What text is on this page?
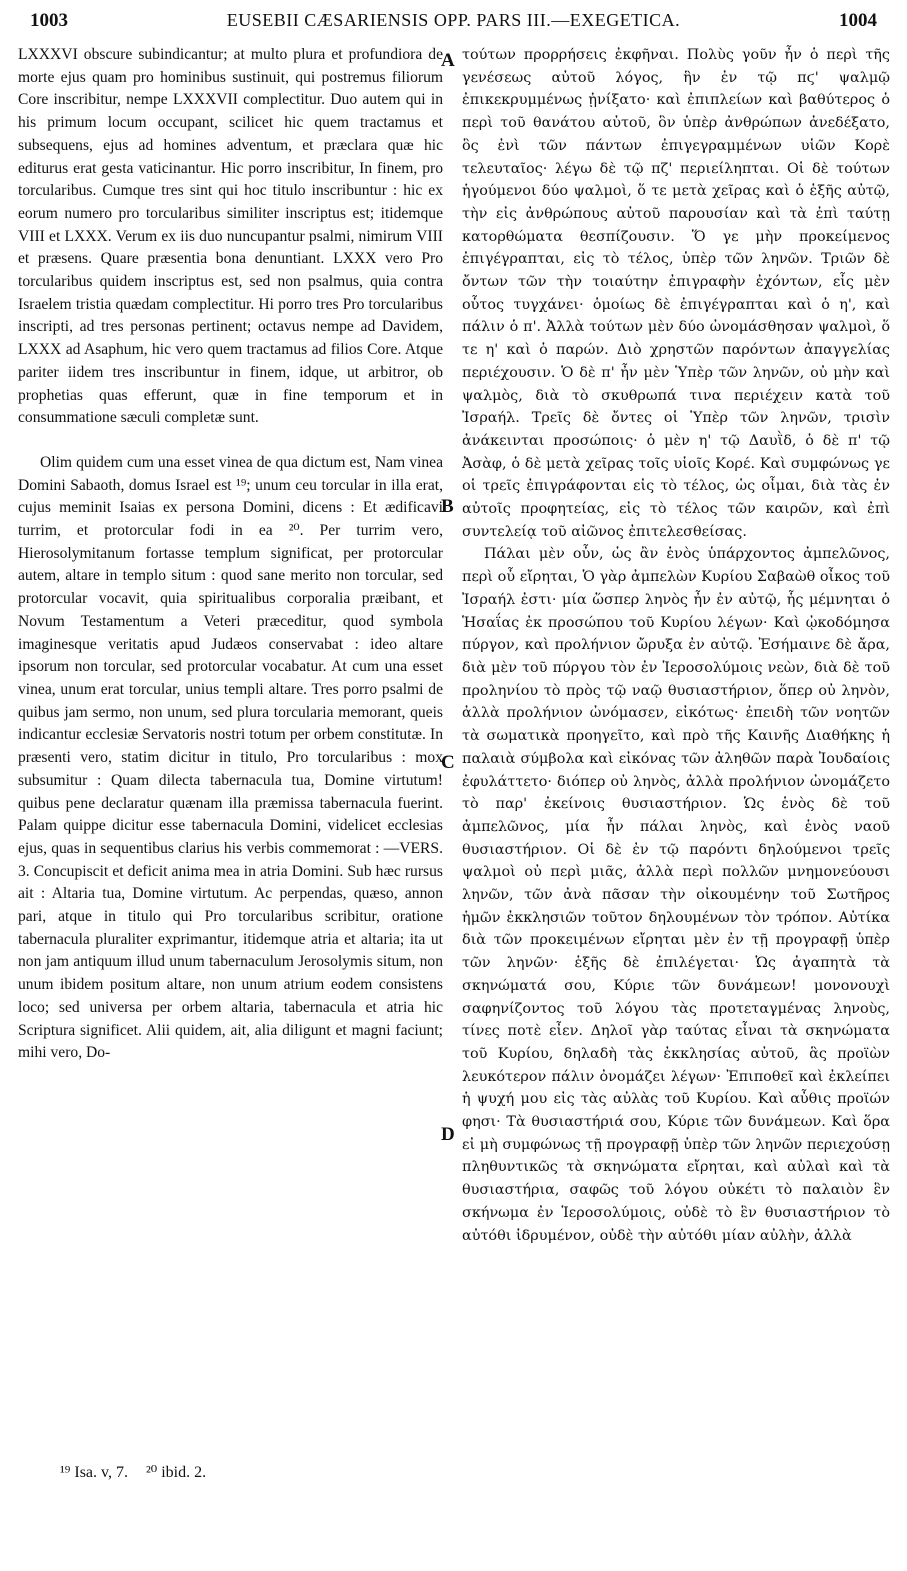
1003	EUSEBII CÆSARIENSIS OPP. PARS III.—EXEGETICA.	1004

LXXXVI obscure subindicantur; at multo plura et profundiora de morte ejus quam pro hominibus sustinuit, qui postremus filiorum Core inscribitur, nempe LXXXVII complectitur. Duo autem qui in his primum locum occupant, scilicet hic quem tractamus et subsequens, ejus ad homines adventum, et præclara quæ hic editurus erat gesta vaticinantur. Hic porro inscribitur, In finem, pro torcularibus. Cumque tres sint qui hoc titulo inscribuntur : hic ex eorum numero pro torcularibus similiter inscriptus est; itidemque VIII et LXXX. Verum ex iis duo nuncupantur psalmi, nimirum VIII et præsens. Quare præsentia bona denuntiant. LXXX vero Pro torcularibus quidem inscriptus est, sed non psalmus, quia contra Israelem tristia quædam complectitur. Hi porro tres Pro torcularibus inscripti, ad tres personas pertinent; octavus nempe ad Davidem, LXXX ad Asaphum, hic vero quem tractamus ad filios Core. Atque pariter iidem tres inscribuntur in finem, idque, ut arbitror, ob prophetias quas efferunt, quæ in fine temporum et in consummatione sæculi completæ sunt.

Olim quidem cum una esset vinea de qua dictum est, Nam vinea Domini Sabaoth, domus Israel est ¹⁹; unum ceu torcular in illa erat, cujus meminit Isaias ex persona Domini, dicens : Et ædificavi turrim, et protorcular fodi in ea ²⁰. Per turrim vero, Hierosolymitanum fortasse templum significat, per protorcular autem, altare in templo situm : quod sane merito non torcular, sed protorcular vocavit, quia spiritualibus corporalia præibant, et Novum Testamentum a Veteri præceditur, quod symbola imaginesque veritatis apud Judæos conservabat : ideo altare ipsorum non torcular, sed protorcular vocabatur. At cum una esset vinea, unum erat torcular, unius templi altare. Tres porro psalmi de quibus jam sermo, non unum, sed plura torcularia memorant, queis indicantur ecclesiæ Servatoris nostri totum per orbem constitutæ. In præsenti vero, statim dicitur in titulo, Pro torcularibus : mox subsumitur : Quam dilecta tabernacula tua, Domine virtutum! quibus pene declaratur quænam illa præmissa tabernacula fuerint. Palam quippe dicitur esse tabernacula Domini, videlicet ecclesias ejus, quas in sequentibus clarius his verbis commemorat : —VERS. 3. Concupiscit et deficit anima mea in atria Domini. Sub hæc rursus ait : Altaria tua, Domine virtutum. Ac perpendas, quæso, annon pari, atque in titulo qui Pro torcularibus scribitur, oratione tabernacula pluraliter exprimantur, itidemque atria et altaria; ita ut non jam antiquum illud unum tabernaculum Jerosolymis situm, non unum ibidem positum altare, non unum atrium eodem consistens loco; sed universa per orbem altaria, tabernacula et atria hic Scriptura significet. Alii quidem, ait, alia diligunt et magni faciunt; mihi vero, Do-

τούτων προρρήσεις ἐκφῆναι. Πολὺς γοῦν ἦν ὁ περὶ τῆς γενέσεως αὐτοῦ λόγος, ἣν ἐν τῷ πϛ' ψαλμῷ ἐπικεκρυμμένως ᾐνίξατο· καὶ ἐπιπλείων καὶ βαθύτερος ὁ περὶ τοῦ θανάτου αὐτοῦ, ὃν ὑπὲρ ἀνθρώπων ἀνεδέξατο, ὃς ἐνὶ τῶν πάντων ἐπιγεγραμμένων υἱῶν Κορὲ τελευταῖος· λέγω δὲ τῷ πζ' περιείληπται. Οἱ δὲ τούτων ἡγούμενοι δύο ψαλμοὶ, ὅ τε μετὰ χεῖρας καὶ ὁ ἑξῆς αὐτῷ, τὴν εἰς ἀνθρώπους αὐτοῦ παρουσίαν καὶ τὰ ἐπὶ ταύτῃ κατορθώματα θεσπίζουσιν. Ὅ γε μὴν προκείμενος ἐπιγέγραπται, εἰς τὸ τέλος, ὑπὲρ τῶν ληνῶν. Τριῶν δὲ ὄντων τῶν τὴν τοιαύτην ἐπιγραφὴν ἐχόντων, εἷς μὲν οὗτος τυγχάνει· ὁμοίως δὲ ἐπιγέγραπται καὶ ὁ η', καὶ πάλιν ὁ π'. Ἀλλὰ τούτων μὲν δύο ὠνομάσθησαν ψαλμοὶ, ὅ τε η' καὶ ὁ παρών. Διὸ χρηστῶν παρόντων ἀπαγγελίας περιέχουσιν. Ὁ δὲ π' ἦν μὲν Ὑπὲρ τῶν ληνῶν, οὐ μὴν καὶ ψαλμὸς, διὰ τὸ σκυθρωπά τινα περιέχειν κατὰ τοῦ Ἰσραήλ. Τρεῖς δὲ ὄντες οἱ Ὑπὲρ τῶν ληνῶν, τρισὶν ἀνάκεινται προσώποις· ὁ μὲν η' τῷ Δαυῒδ, ὁ δὲ π' τῷ Ἀσὰφ, ὁ δὲ μετὰ χεῖρας τοῖς υἱοῖς Κορέ. Καὶ συμφώνως γε οἱ τρεῖς ἐπιγράφονται εἰς τὸ τέλος, ὡς οἶμαι, διὰ τὰς ἐν αὐτοῖς προφητείας, εἰς τὸ τέλος τῶν καιρῶν, καὶ ἐπὶ συντελείᾳ τοῦ αἰῶνος ἐπιτελεσθείσας.

Πάλαι μὲν οὖν, ὡς ἂν ἑνὸς ὑπάρχοντος ἀμπελῶνος, περὶ οὗ εἴρηται, Ὁ γὰρ ἀμπελὼν Κυρίου Σαβαὼθ οἶκος τοῦ Ἰσραήλ ἐστι· μία ὥσπερ ληνὸς ἦν ἐν αὐτῷ, ἧς μέμνηται ὁ Ἡσαΐας ἐκ προσώπου τοῦ Κυρίου λέγων· Καὶ ᾠκοδόμησα πύργον, καὶ προλήνιον ὤρυξα ἐν αὐτῷ. Ἐσήμαινε δὲ ἄρα, διὰ μὲν τοῦ πύργου τὸν ἐν Ἱεροσολύμοις νεὼν, διὰ δὲ τοῦ προληνίου τὸ πρὸς τῷ ναῷ θυσιαστήριον, ὅπερ οὐ ληνὸν, ἀλλὰ προλήνιον ὠνόμασεν, εἰκότως· ἐπειδὴ τῶν νοητῶν τὰ σωματικὰ προηγεῖτο, καὶ πρὸ τῆς Καινῆς Διαθήκης ἡ παλαιὰ σύμβολα καὶ εἰκόνας τῶν ἀληθῶν παρὰ Ἰουδαίοις ἐφυλάττετο· διόπερ οὐ ληνὸς, ἀλλὰ προλήνιον ὠνομάζετο τὸ παρ' ἐκείνοις θυσιαστήριον. Ὡς ἑνὸς δὲ τοῦ ἀμπελῶνος, μία ἦν πάλαι ληνὸς, καὶ ἑνὸς ναοῦ θυσιαστήριον. Οἱ δὲ ἐν τῷ παρόντι δηλούμενοι τρεῖς ψαλμοὶ οὐ περὶ μιᾶς, ἀλλὰ περὶ πολλῶν μνημονεύουσι ληνῶν, τῶν ἀνὰ πᾶσαν τὴν οἰκουμένην τοῦ Σωτῆρος ἡμῶν ἐκκλησιῶν τοῦτον δηλουμένων τὸν τρόπον. Αὐτίκα διὰ τῶν προκειμένων εἴρηται μὲν ἐν τῇ προγραφῇ ὑπὲρ τῶν ληνῶν· ἑξῆς δὲ ἐπιλέγεται· Ὡς ἀγαπητὰ τὰ σκηνώματά σου, Κύριε τῶν δυνάμεων! μονονουχὶ σαφηνίζοντος τοῦ λόγου τὰς προτεταγμένας ληνοὺς, τίνες ποτὲ εἶεν. Δηλοῖ γὰρ ταύτας εἶναι τὰ σκηνώματα τοῦ Κυρίου, δηλαδὴ τὰς ἐκκλησίας αὐτοῦ, ἃς προϊὼν λευκότερον πάλιν ὀνομάζει λέγων· Ἐπιποθεῖ καὶ ἐκλείπει ἡ ψυχή μου εἰς τὰς αὐλὰς τοῦ Κυρίου. Καὶ αὖθις προϊών φησι· Τὰ θυσιαστήριά σου, Κύριε τῶν δυνάμεων. Καὶ ὅρα εἰ μὴ συμφώνως τῇ προγραφῇ ὑπὲρ τῶν ληνῶν περιεχούσῃ πληθυντικῶς τὰ σκηνώματα εἴρηται, καὶ αὐλαὶ καὶ τὰ θυσιαστήρια, σαφῶς τοῦ λόγου οὐκέτι τὸ παλαιὸν ἓν σκήνωμα ἐν Ἱεροσολύμοις, οὐδὲ τὸ ἓν θυσιαστήριον τὸ αὐτόθι ἱδρυμένον, οὐδὲ τὴν αὐτόθι μίαν αὐλὴν, ἀλλὰ

A
B
C
D
¹⁹ Isa. v, 7. ²⁰ ibid. 2.
